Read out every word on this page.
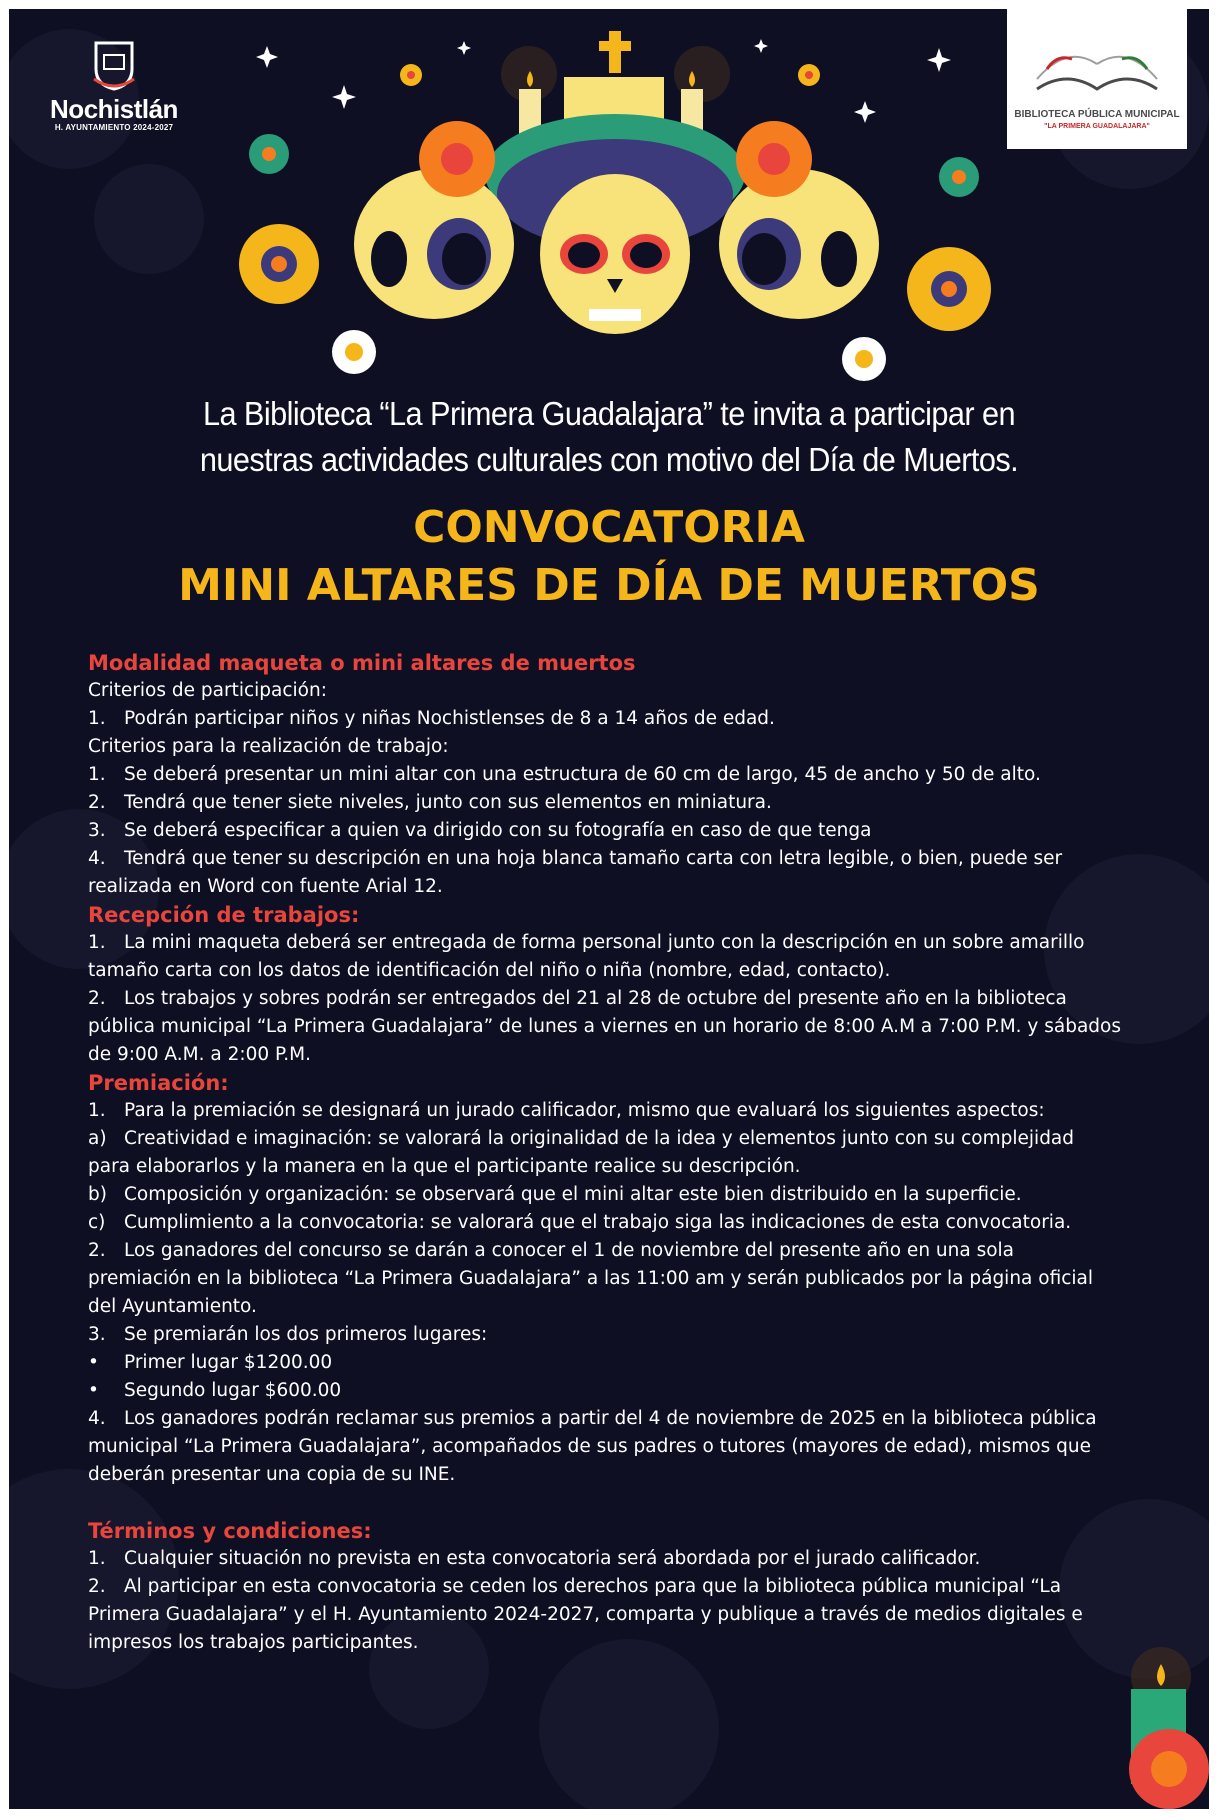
Nochistlán
H. AYUNTAMIENTO 2024-2027
BIBLIOTECA PÚBLICA MUNICIPAL
"LA PRIMERA GUADALAJARA"
La Biblioteca “La Primera Guadalajara” te invita a participar en
nuestras actividades culturales con motivo del Día de Muertos.
CONVOCATORIA
MINI ALTARES DE DÍA DE MUERTOS
Modalidad maqueta o mini altares de muertos
Criterios de participación:
1. Podrán participar niños y niñas Nochistlenses de 8 a 14 años de edad.
Criterios para la realización de trabajo:
1. Se deberá presentar un mini altar con una estructura de 60 cm de largo, 45 de ancho y 50 de alto.
2. Tendrá que tener siete niveles, junto con sus elementos en miniatura.
3. Se deberá especificar a quien va dirigido con su fotografía en caso de que tenga
4. Tendrá que tener su descripción en una hoja blanca tamaño carta con letra legible, o bien, puede ser
realizada en Word con fuente Arial 12.
Recepción de trabajos:
1. La mini maqueta deberá ser entregada de forma personal junto con la descripción en un sobre amarillo
tamaño carta con los datos de identificación del niño o niña (nombre, edad, contacto).
2. Los trabajos y sobres podrán ser entregados del 21 al 28 de octubre del presente año en la biblioteca
pública municipal “La Primera Guadalajara” de lunes a viernes en un horario de 8:00 A.M a 7:00 P.M. y sábados
de 9:00 A.M. a 2:00 P.M.
Premiación:
1. Para la premiación se designará un jurado calificador, mismo que evaluará los siguientes aspectos:
a) Creatividad e imaginación: se valorará la originalidad de la idea y elementos junto con su complejidad
para elaborarlos y la manera en la que el participante realice su descripción.
b) Composición y organización: se observará que el mini altar este bien distribuido en la superficie.
c) Cumplimiento a la convocatoria: se valorará que el trabajo siga las indicaciones de esta convocatoria.
2. Los ganadores del concurso se darán a conocer el 1 de noviembre del presente año en una sola
premiación en la biblioteca “La Primera Guadalajara” a las 11:00 am y serán publicados por la página oficial
del Ayuntamiento.
3. Se premiarán los dos primeros lugares:
• Primer lugar $1200.00
• Segundo lugar $600.00
4. Los ganadores podrán reclamar sus premios a partir del 4 de noviembre de 2025 en la biblioteca pública
municipal “La Primera Guadalajara”, acompañados de sus padres o tutores (mayores de edad), mismos que
deberán presentar una copia de su INE.
Términos y condiciones:
1. Cualquier situación no prevista en esta convocatoria será abordada por el jurado calificador.
2. Al participar en esta convocatoria se ceden los derechos para que la biblioteca pública municipal “La
Primera Guadalajara” y el H. Ayuntamiento 2024-2027, comparta y publique a través de medios digitales e
impresos los trabajos participantes.
